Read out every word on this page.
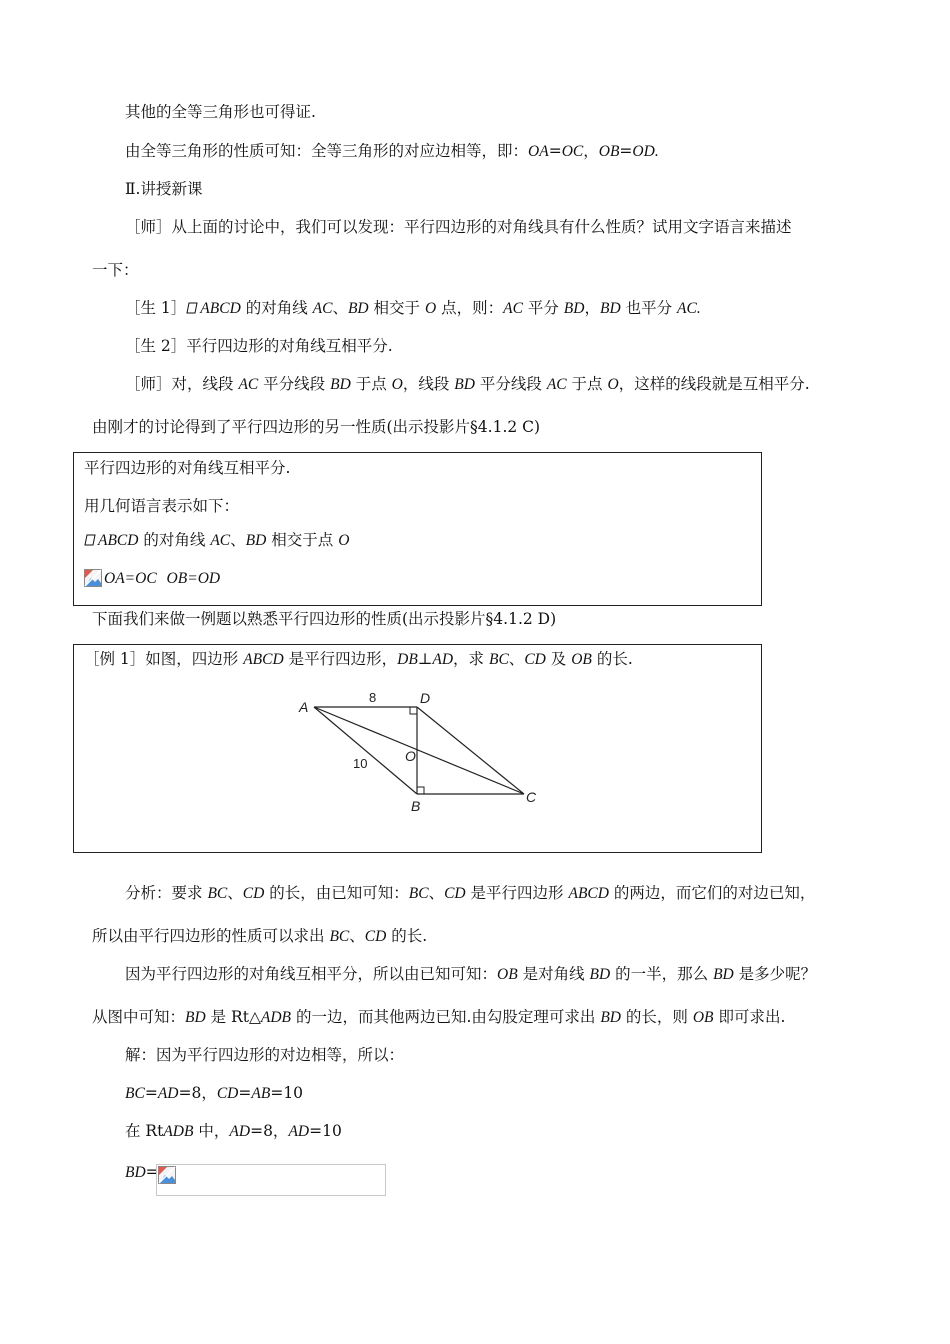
其他的全等三角形也可得证.
由全等三角形的性质可知：全等三角形的对应边相等，即：OA=OC，OB=OD.
Ⅱ.讲授新课
［师］从上面的讨论中，我们可以发现：平行四边形的对角线具有什么性质？试用文字语言来描述
一下：
［生 1］ ABCD 的对角线 AC、BD 相交于 O 点，则：AC 平分 BD，BD 也平分 AC.
［生 2］平行四边形的对角线互相平分.
［师］对，线段 AC 平分线段 BD 于点 O，线段 BD 平分线段 AC 于点 O，这样的线段就是互相平分.
由刚才的讨论得到了平行四边形的另一性质(出示投影片§4.1.2 C)
平行四边形的对角线互相平分.
用几何语言表示如下：
ABCD 的对角线 AC、BD 相交于点 O
OA=OC OB=OD
下面我们来做一例题以熟悉平行四边形的性质(出示投影片§4.1.2 D)
［例 1］如图，四边形 ABCD 是平行四边形，DB⊥AD，求 BC、CD 及 OB 的长.
A
D
B
C
O
8
10
分析：要求 BC、CD 的长，由已知可知：BC、CD 是平行四边形 ABCD 的两边，而它们的对边已知，
所以由平行四边形的性质可以求出 BC、CD 的长.
因为平行四边形的对角线互相平分，所以由已知可知：OB 是对角线 BD 的一半，那么 BD 是多少呢？
从图中可知：BD 是 Rt△ADB 的一边，而其他两边已知.由勾股定理可求出 BD 的长，则 OB 即可求出.
解：因为平行四边形的对边相等，所以：
BC=AD=8，CD=AB=10
在 RtADB 中，AD=8，AD=10
BD=
